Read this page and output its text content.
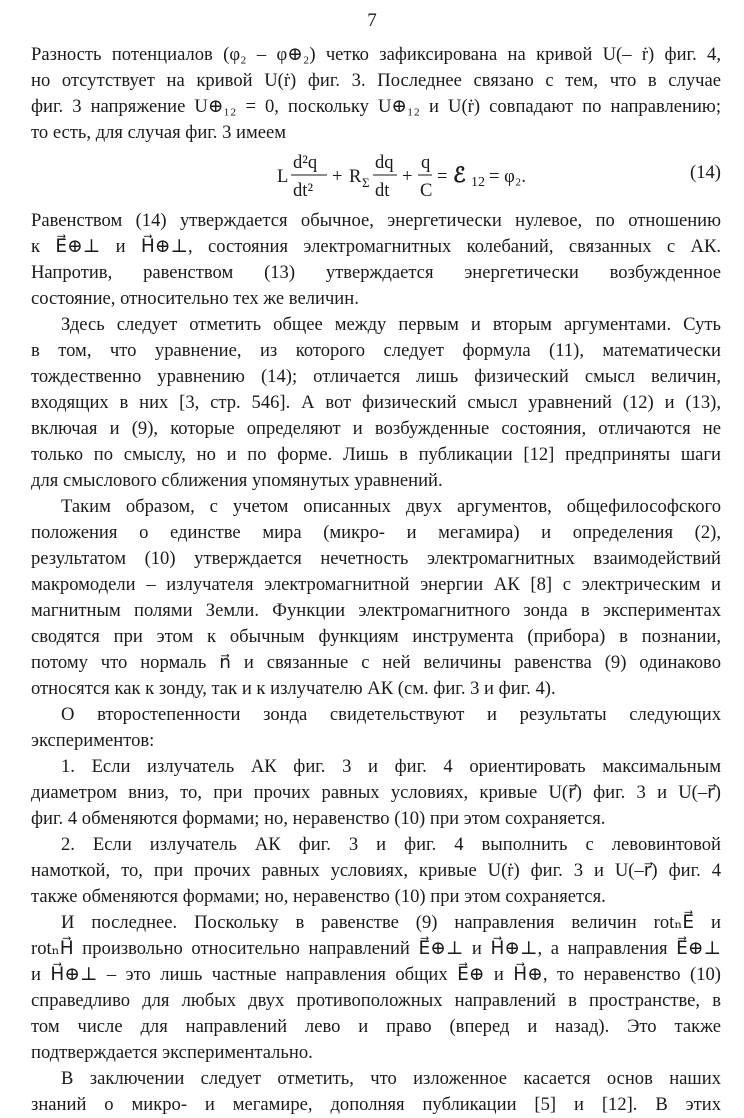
7
Разность потенциалов (φ₂ – φ⊕₂) четко зафиксирована на кривой U(– ṙ) фиг. 4,
но отсутствует на кривой U(ṙ) фиг. 3. Последнее связано с тем, что в случае
фиг. 3 напряжение U⊕₁₂ = 0, поскольку U⊕₁₂ и U(ṙ) совпадают по направлению;
то есть, для случая фиг. 3 имеем
L
d²q
dt²
+ R Σ
dq
dt
+
q
C
= ℰ 12 = φ₂.	(14)
Равенством (14) утверждается обычное, энергетически нулевое, по отношению
к E⃗⊕⊥ и H⃗⊕⊥, состояния электромагнитных колебаний, связанных с АК.
Напротив, равенством (13) утверждается энергетически возбужденное
состояние, относительно тех же величин.
Здесь следует отметить общее между первым и вторым аргументами. Суть
в том, что уравнение, из которого следует формула (11), математически
тождественно уравнению (14); отличается лишь физический смысл величин,
входящих в них [3, стр. 546]. А вот физический смысл уравнений (12) и (13),
включая и (9), которые определяют и возбужденные состояния, отличаются не
только по смыслу, но и по форме. Лишь в публикации [12] предприняты шаги
для смыслового сближения упомянутых уравнений.
Таким образом, с учетом описанных двух аргументов, общефилософского
положения о единстве мира (микро- и мегамира) и определения (2),
результатом (10) утверждается нечетность электромагнитных взаимодействий
макромодели – излучателя электромагнитной энергии АК [8] с электрическим и
магнитным полями Земли. Функции электромагнитного зонда в экспериментах
сводятся при этом к обычным функциям инструмента (прибора) в познании,
потому что нормаль n⃗ и связанные с ней величины равенства (9) одинаково
относятся как к зонду, так и к излучателю АК (см. фиг. 3 и фиг. 4).
О второстепенности зонда свидетельствуют и результаты следующих
экспериментов:
1. Если излучатель АК фиг. 3 и фиг. 4 ориентировать максимальным
диаметром вниз, то, при прочих равных условиях, кривые U(r⃗) фиг. 3 и U(–r⃗)
фиг. 4 обменяются формами; но, неравенство (10) при этом сохраняется.
2. Если излучатель АК фиг. 3 и фиг. 4 выполнить с левовинтовой
намоткой, то, при прочих равных условиях, кривые U(ṙ) фиг. 3 и U(–r⃗) фиг. 4
также обменяются формами; но, неравенство (10) при этом сохраняется.
И последнее. Поскольку в равенстве (9) направления величин rotₙE⃗ и
rotₙH⃗ произвольно относительно направлений E⃗⊕⊥ и H⃗⊕⊥, а направления E⃗⊕⊥
и H⃗⊕⊥ – это лишь частные направления общих E⃗⊕ и H⃗⊕, то неравенство (10)
справедливо для любых двух противоположных направлений в пространстве, в
том числе для направлений лево и право (вперед и назад). Это также
подтверждается экспериментально.
В заключении следует отметить, что изложенное касается основ наших
знаний о микро- и мегамире, дополняя публикации [5] и [12]. В этих
